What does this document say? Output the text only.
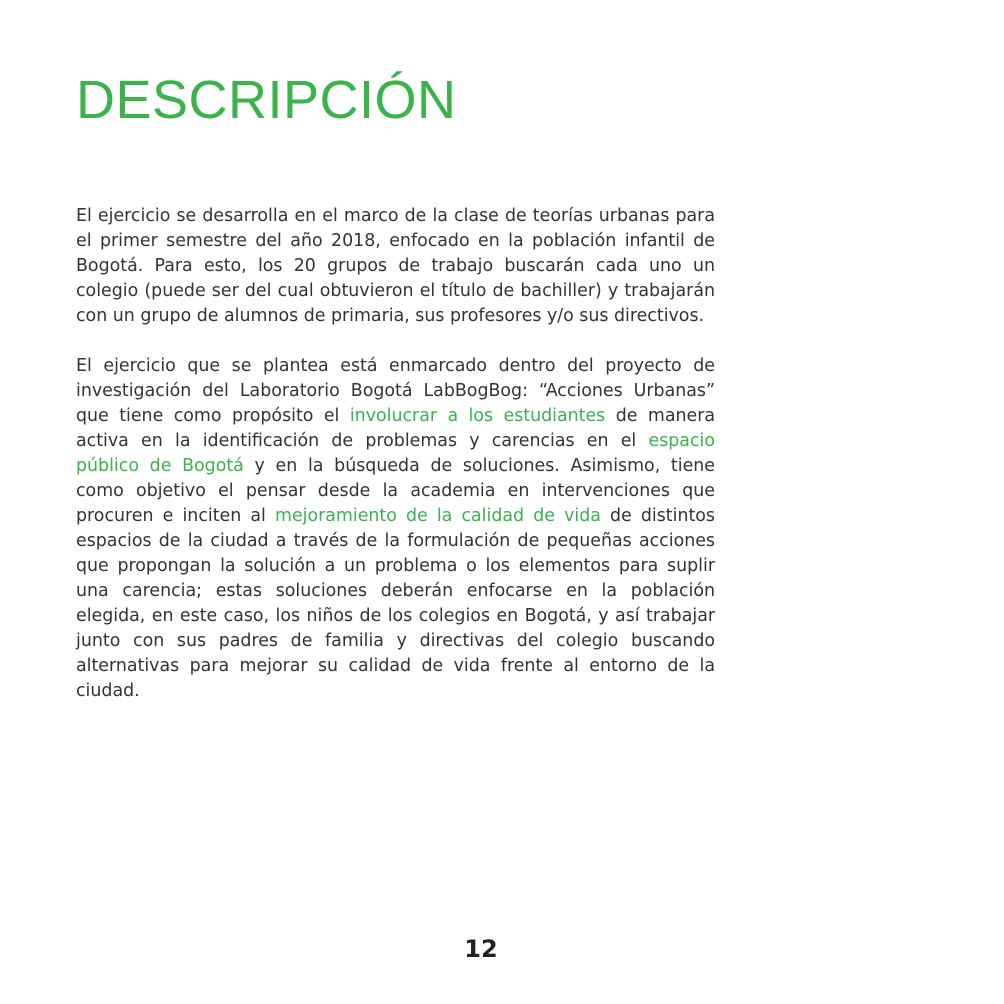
DESCRIPCIÓN

El ejercicio se desarrolla en el marco de la clase de teorías urbanas para el primer semestre del año 2018, enfocado en la población infantil de Bogotá. Para esto, los 20 grupos de trabajo buscarán cada uno un colegio (puede ser del cual obtuvieron el título de bachiller) y trabajarán con un grupo de alumnos de primaria, sus profesores y/o sus directivos.

El ejercicio que se plantea está enmarcado dentro del proyecto de investigación del Laboratorio Bogotá LabBogBog: “Acciones Urbanas” que tiene como propósito el involucrar a los estudiantes de manera activa en la identificación de problemas y carencias en el espacio público de Bogotá y en la búsqueda de soluciones. Asimismo, tiene como objetivo el pensar desde la academia en intervenciones que procuren e inciten al mejoramiento de la calidad de vida de distintos espacios de la ciudad a través de la formulación de pequeñas acciones que propongan la solución a un problema o los elementos para suplir una carencia; estas soluciones deberán enfocarse en la población elegida, en este caso, los niños de los colegios en Bogotá, y así trabajar junto con sus padres de familia y directivas del colegio buscando alternativas para mejorar su calidad de vida frente al entorno de la ciudad.

12
